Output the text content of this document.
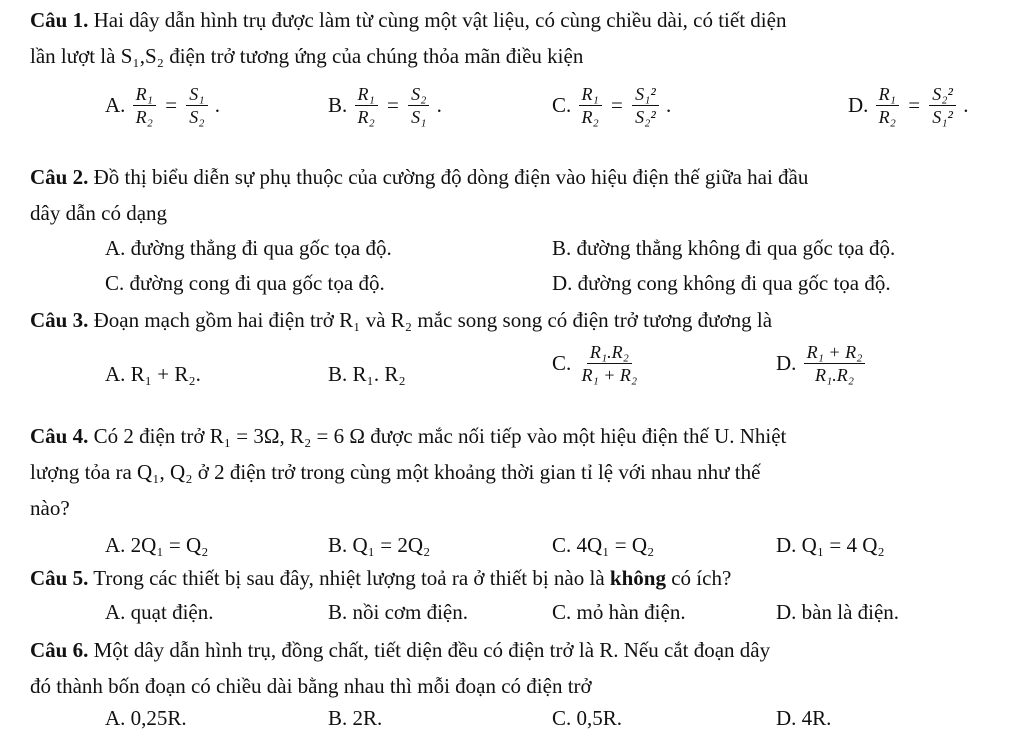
Câu 1. Hai dây dẫn hình trụ được làm từ cùng một vật liệu, có cùng chiều dài, có tiết diện
lần lượt là S₁,S₂ điện trở tương ứng của chúng thỏa mãn điều kiện
A. $\frac{\text{R₁}}{\text{R₂}} = \frac{\text{S₁}}{\text{S₂}}$ .	B. $\frac{\text{R₁}}{\text{R₂}} = \frac{\text{S₂}}{\text{S₁}}$ .	C. $\frac{\text{R₁}}{\text{R₂}} = \frac{\text{S₁²}}{\text{S₂²}}$ .	D. $\frac{\text{R₁}}{\text{R₂}} = \frac{\text{S₂²}}{\text{S₁²}}$ .
Câu 2. Đồ thị biểu diễn sự phụ thuộc của cường độ dòng điện vào hiệu điện thế giữa hai đầu
dây dẫn có dạng
A. đường thẳng đi qua gốc tọa độ.	B. đường thẳng không đi qua gốc tọa độ.
C. đường cong đi qua gốc tọa độ.	D. đường cong không đi qua gốc tọa độ.
Câu 3. Đoạn mạch gồm hai điện trở R₁ và R₂ mắc song song có điện trở tương đương là
A. R₁ + R₂.	B. R₁. R₂	C. $\frac{\text{R₁.R₂}}{\text{R₁ + R₂}}$	D. $\frac{\text{R₁ + R₂}}{\text{R₁.R₂}}$
Câu 4. Có 2 điện trở R₁ = 3Ω, R₂ = 6 Ω được mắc nối tiếp vào một hiệu điện thế U. Nhiệt
lượng tỏa ra Q₁, Q₂ ở 2 điện trở trong cùng một khoảng thời gian tỉ lệ với nhau như thế
nào?
A. 2Q₁ = Q₂	B. Q₁ = 2Q₂	C. 4Q₁ = Q₂	D. Q₁ = 4 Q₂
Câu 5. Trong các thiết bị sau đây, nhiệt lượng toả ra ở thiết bị nào là không có ích?
A. quạt điện.	B. nồi cơm điện.	C. mỏ hàn điện.	D. bàn là điện.
Câu 6. Một dây dẫn hình trụ, đồng chất, tiết diện đều có điện trở là R. Nếu cắt đoạn dây
đó thành bốn đoạn có chiều dài bằng nhau thì mỗi đoạn có điện trở
A. 0,25R.	B. 2R.	C. 0,5R.	D. 4R.
